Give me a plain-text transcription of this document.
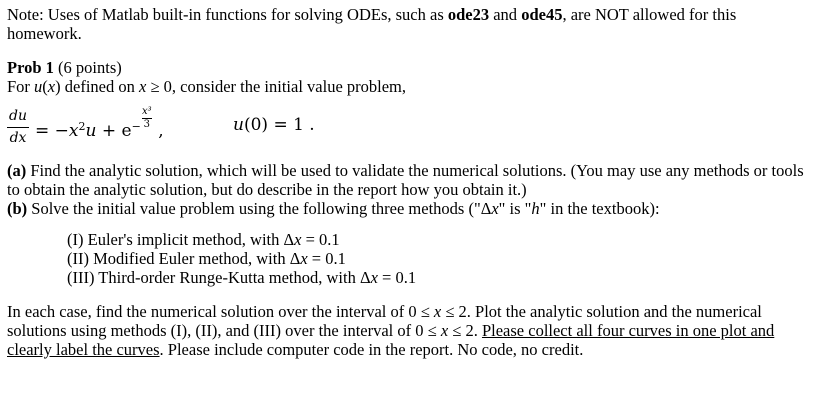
Note: Uses of Matlab built-in functions for solving ODEs, such as ode23 and ode45, are NOT allowed for this homework.

Prob 1 (6 points)

For u(x) defined on x ≥ 0, consider the initial value problem,

du
dx = $-x^2u + e^- \frac{\text{x³}}{3}$ ,	u(0) = 1 .

(a) Find the analytic solution, which will be used to validate the numerical solutions. (You may use any methods or tools to obtain the analytic solution, but do describe in the report how you obtain it.)

(b) Solve the initial value problem using the following three methods ("Δx" is "h" in the textbook):

(I) Euler's implicit method, with Δx = 0.1

(II) Modified Euler method, with Δx = 0.1

(III) Third-order Runge-Kutta method, with Δx = 0.1

In each case, find the numerical solution over the interval of 0 ≤ x ≤ 2. Plot the analytic solution and the numerical solutions using methods (I), (II), and (III) over the interval of 0 ≤ x ≤ 2. Please collect all four curves in one plot and clearly label the curves. Please include computer code in the report. No code, no credit.
